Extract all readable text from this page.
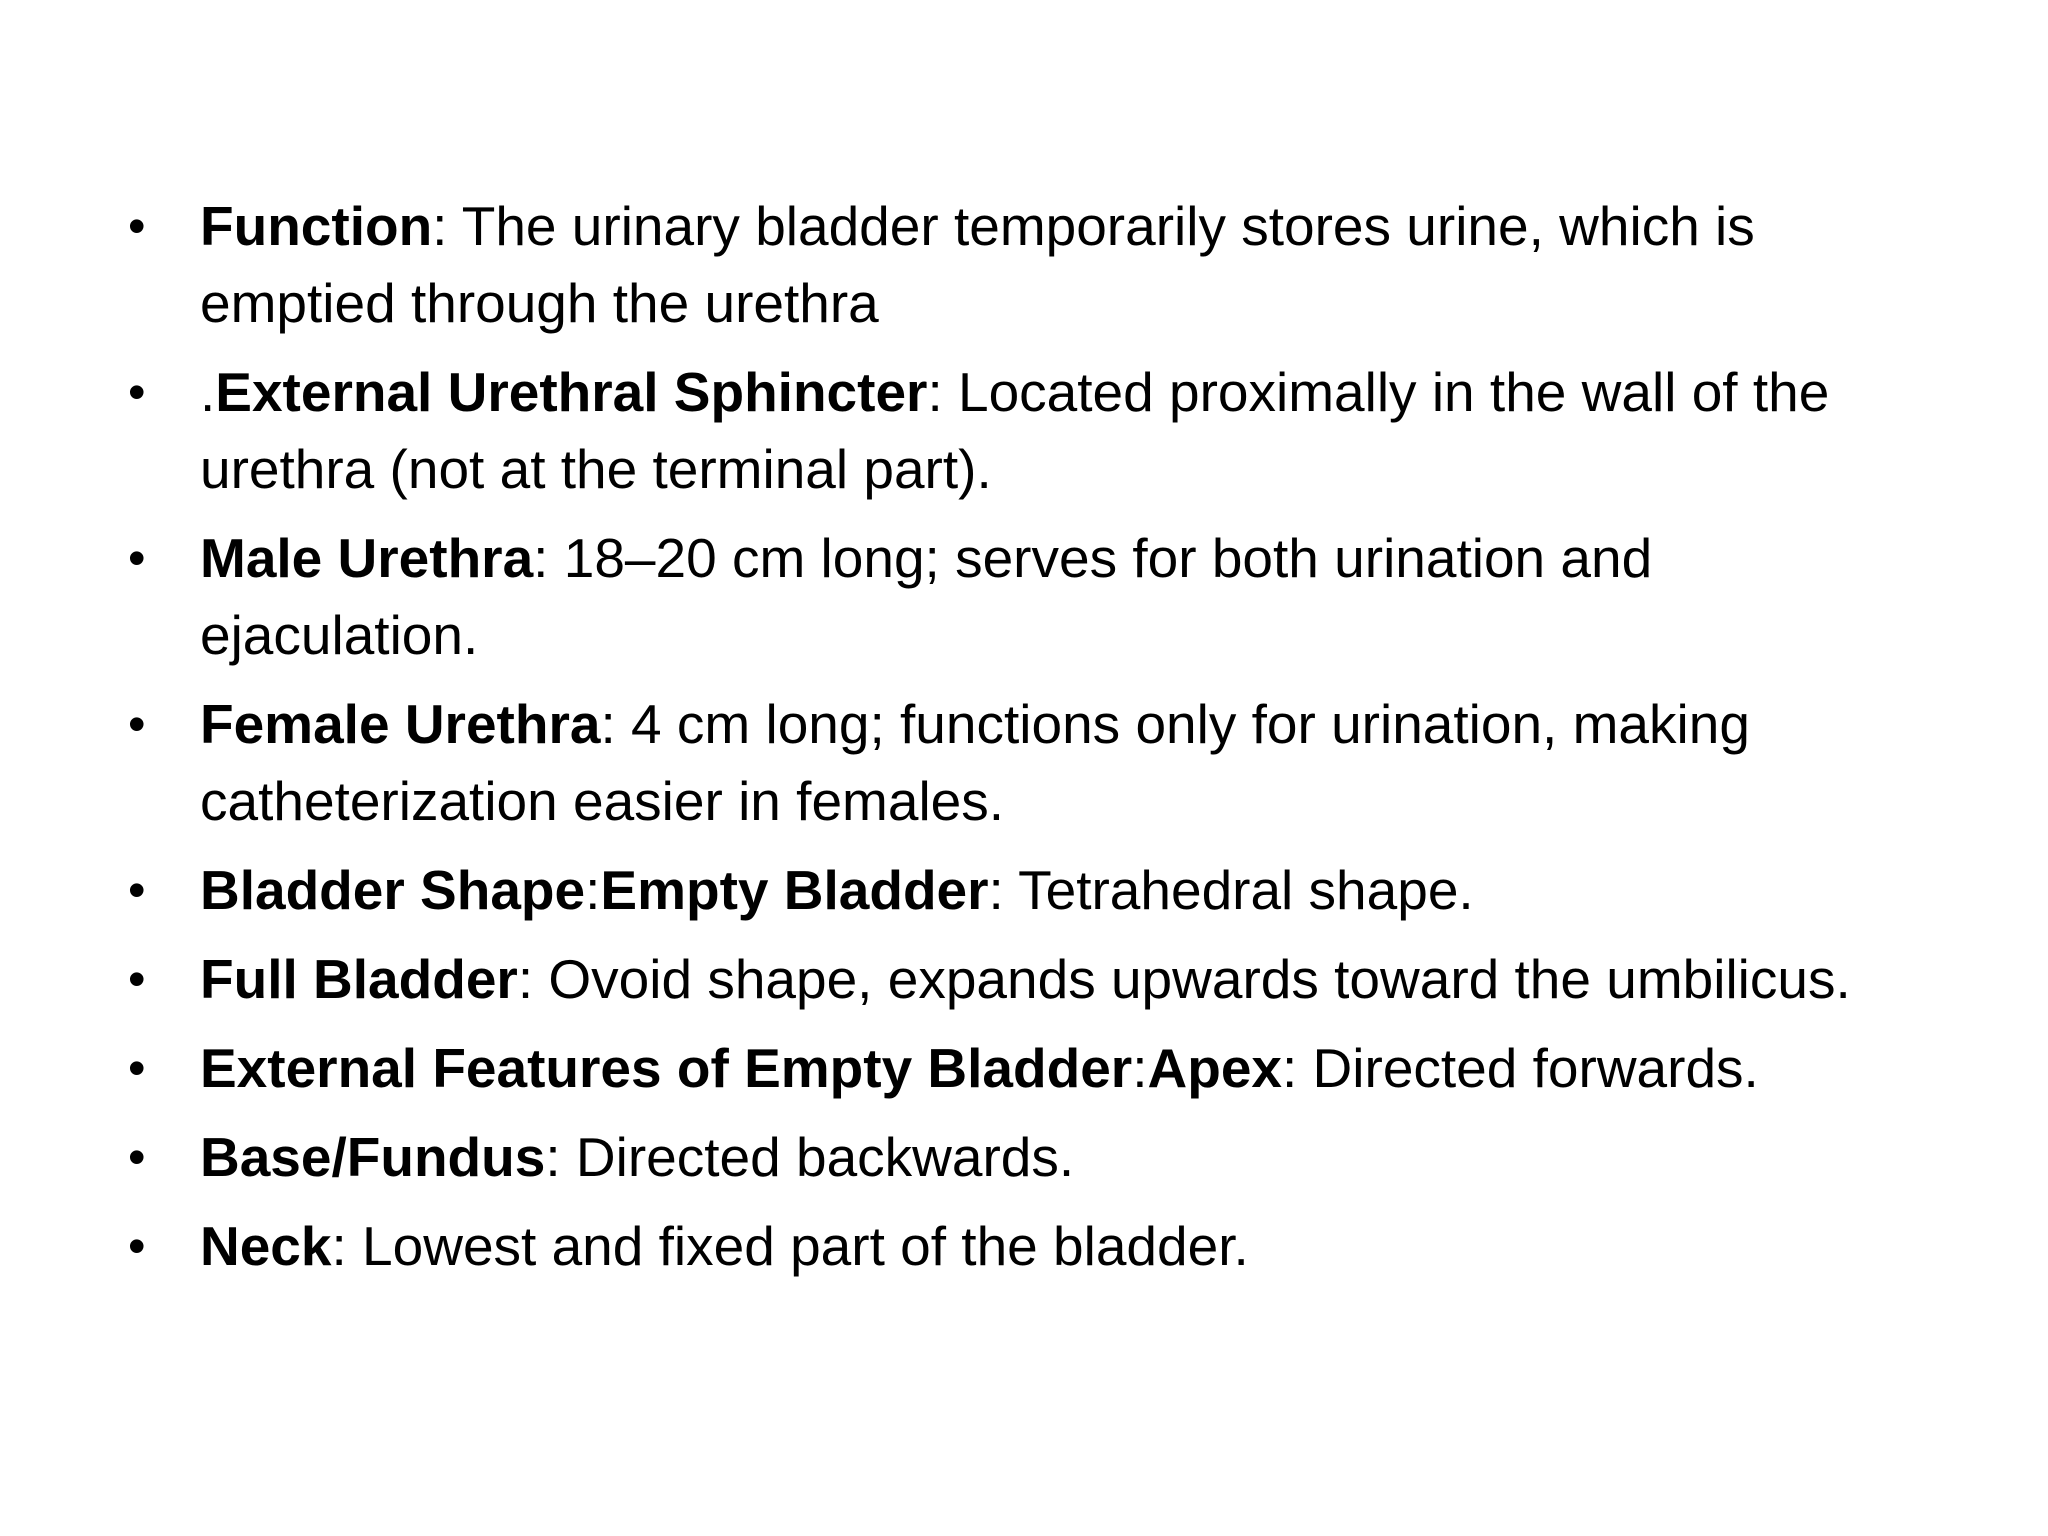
• Function: The urinary bladder temporarily stores urine, which is emptied through the urethra
• .External Urethral Sphincter: Located proximally in the wall of the urethra (not at the terminal part).
• Male Urethra: 18–20 cm long; serves for both urination and ejaculation.
• Female Urethra: 4 cm long; functions only for urination, making catheterization easier in females.
• Bladder Shape:Empty Bladder: Tetrahedral shape.
• Full Bladder: Ovoid shape, expands upwards toward the umbilicus.
• External Features of Empty Bladder:Apex: Directed forwards.
• Base/Fundus: Directed backwards.
• Neck: Lowest and fixed part of the bladder.
